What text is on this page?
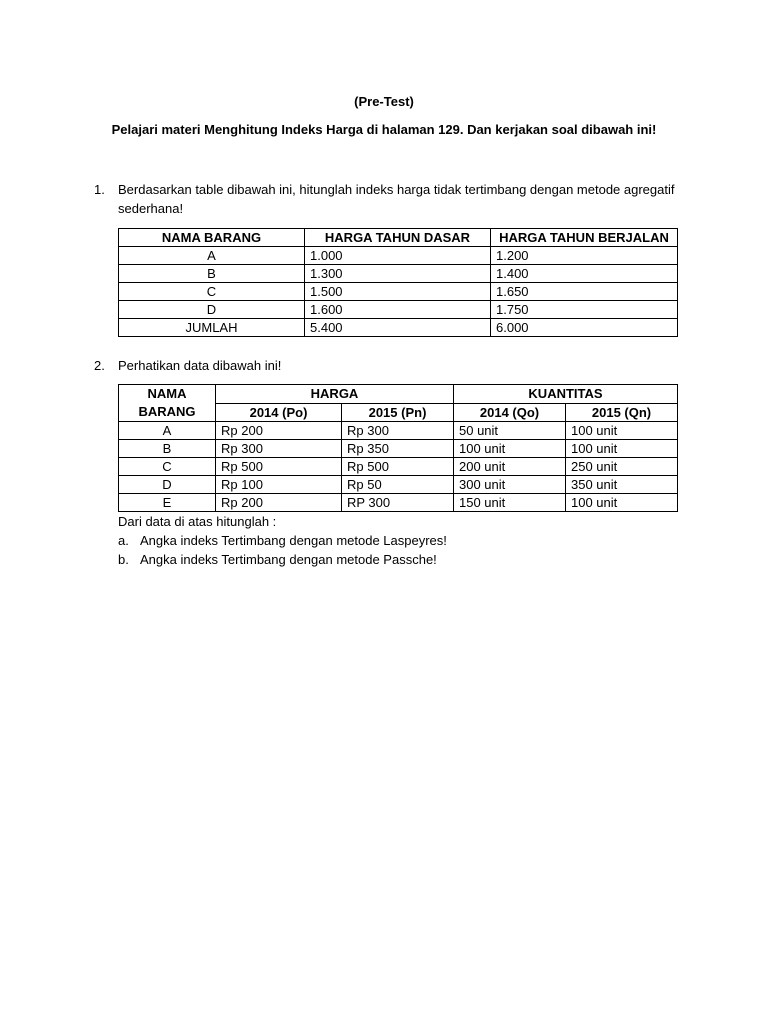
(Pre-Test)
Pelajari materi Menghitung Indeks Harga di halaman 129. Dan kerjakan soal dibawah ini!
1. Berdasarkan table dibawah ini, hitunglah indeks harga tidak tertimbang dengan metode agregatif sederhana!
NAMA BARANG	HARGA TAHUN DASAR	HARGA TAHUN BERJALAN
A	1.000	1.200
B	1.300	1.400
C	1.500	1.650
D	1.600	1.750
JUMLAH	5.400	6.000
2. Perhatikan data dibawah ini!
NAMA
BARANG	HARGA		KUANTITAS	
	2014 (Po)	2015 (Pn)	2014 (Qo)	2015 (Qn)
A	Rp 200	Rp 300	50 unit	100 unit
B	Rp 300	Rp 350	100 unit	100 unit
C	Rp 500	Rp 500	200 unit	250 unit
D	Rp 100	Rp 50	300 unit	350 unit
E	Rp 200	RP 300	150 unit	100 unit
Dari data di atas hitunglah :
a. Angka indeks Tertimbang dengan metode Laspeyres!
b. Angka indeks Tertimbang dengan metode Passche!
